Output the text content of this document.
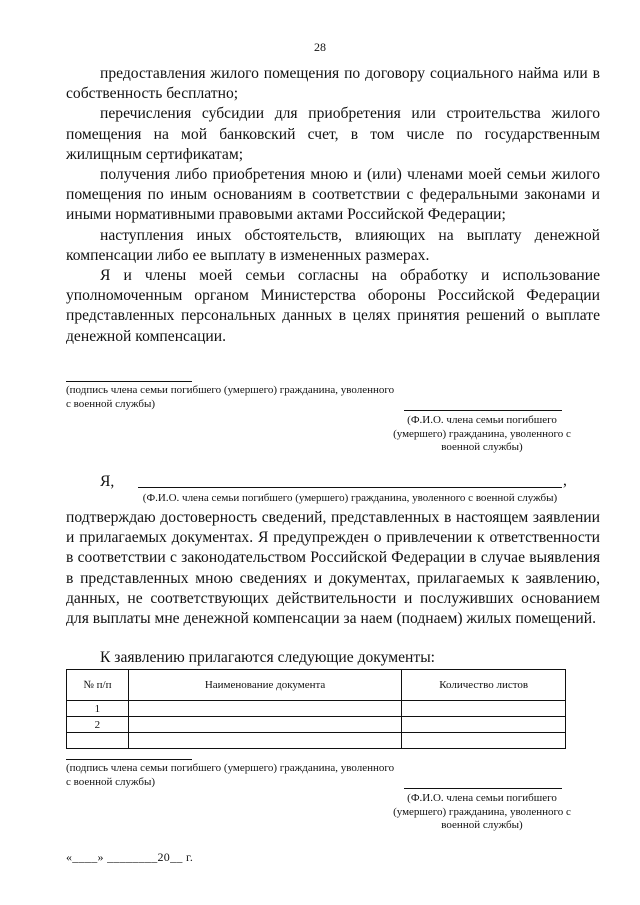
28

предоставления жилого помещения по договору социального найма или в собственность бесплатно;

перечисления субсидии для приобретения или строительства жилого помещения на мой банковский счет, в том числе по государственным жилищным сертификатам;

получения либо приобретения мною и (или) членами моей семьи жилого помещения по иным основаниям в соответствии с федеральными законами и иными нормативными правовыми актами Российской Федерации;

наступления иных обстоятельств, влияющих на выплату денежной компенсации либо ее выплату в измененных размерах.

Я и члены моей семьи согласны на обработку и использование уполномоченным органом Министерства обороны Российской Федерации представленных персональных данных в целях принятия решений о выплате денежной компенсации.

(подпись члена семьи погибшего (умершего) гражданина, уволенного с военной службы)
(Ф.И.О. члена семьи погибшего (умершего) гражданина, уволенного с военной службы)
Я,	,
(Ф.И.О. члена семьи погибшего (умершего) гражданина, уволенного с военной службы)

подтверждаю достоверность сведений, представленных в настоящем заявлении и прилагаемых документах. Я предупрежден о привлечении к ответственности в соответствии с законодательством Российской Федерации в случае выявления в представленных мною сведениях и документах, прилагаемых к заявлению, данных, не соответствующих действительности и послуживших основанием для выплаты мне денежной компенсации за наем (поднаем) жилых помещений.

К заявлению прилагаются следующие документы:

№ п/п	Наименование документа	Количество листов
1		
2		

(подпись члена семьи погибшего (умершего) гражданина, уволенного с военной службы)
(Ф.И.О. члена семьи погибшего (умершего) гражданина, уволенного с военной службы)
«____» ________20__ г.
